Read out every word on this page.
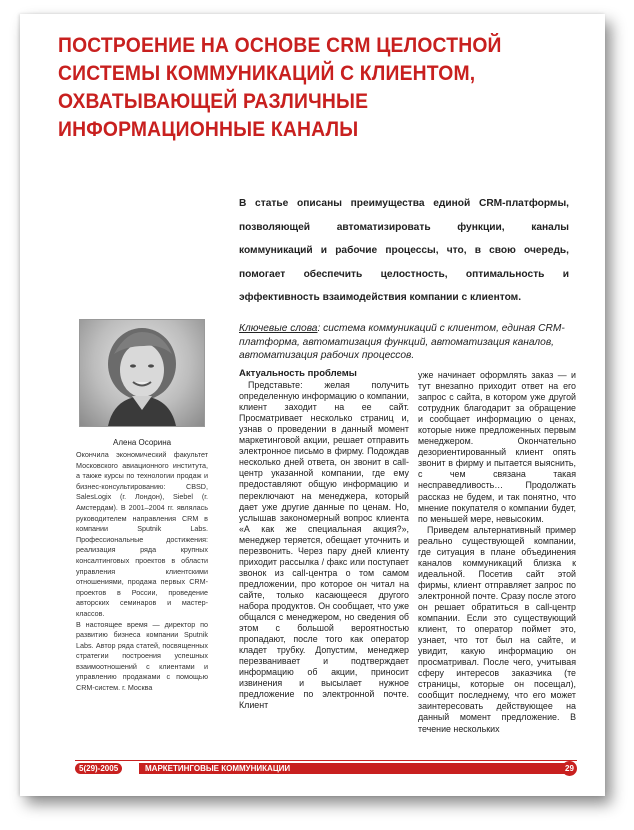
ПОСТРОЕНИЕ НА ОСНОВЕ CRM ЦЕЛОСТНОЙ
СИСТЕМЫ КОММУНИКАЦИЙ С КЛИЕНТОМ,
ОХВАТЫВАЮЩЕЙ РАЗЛИЧНЫЕ
ИНФОРМАЦИОННЫЕ КАНАЛЫ
В статье описаны преимущества единой CRM-платформы, позволяющей автоматизировать функции, каналы коммуникаций и рабочие процессы, что, в свою очередь, помогает обеспечить целостность, оптимальность и эффективность взаимодействия компании с клиентом.
Ключевые слова: система коммуникаций с клиентом, единая CRM-платформа, автоматизация функций, автоматизация каналов, автоматизация рабочих процессов.
Алена Осорина

Окончила экономический факультет Московского авиационного института, а также курсы по технологии продаж и бизнес-консультированию: CBSD, SalesLogix (г. Лондон), Siebel (г. Амстердам). В 2001–2004 гг. являлась руководителем направления CRM в компании Sputnik Labs. Профессиональные достижения: реализация ряда крупных консалтинговых проектов в области управления клиентскими отношениями, продажа первых CRM-проектов в России, проведение авторских семинаров и мастер-классов.

В настоящее время — директор по развитию бизнеса компании Sputnik Labs. Автор ряда статей, посвященных стратегии построения успешных взаимоотношений с клиентами и управлению продажами с помощью CRM-систем. г. Москва

Актуальность проблемы

Представьте: желая получить определенную информацию о компании, клиент заходит на ее сайт. Просматривает несколько страниц и, узнав о проведении в данный момент маркетинговой акции, решает отправить электронное письмо в фирму. Подождав несколько дней ответа, он звонит в call-центр указанной компании, где ему предоставляют общую информацию и переключают на менеджера, который дает уже другие данные по ценам. Но, услышав закономерный вопрос клиента «А как же специальная акция?», менеджер теряется, обещает уточнить и перезвонить. Через пару дней клиенту приходит рассылка / факс или поступает звонок из call-центра о том самом предложении, про которое он читал на сайте, только касающееся другого набора продуктов. Он сообщает, что уже общался с менеджером, но сведения об этом с большой вероятностью пропадают, после того как оператор кладет трубку. Допустим, менеджер перезванивает и подтверждает информацию об акции, приносит извинения и высылает нужное предложение по электронной почте. Клиент

уже начинает оформлять заказ — и тут внезапно приходит ответ на его запрос с сайта, в котором уже другой сотрудник благодарит за обращение и сообщает информацию о ценах, которые ниже предложенных первым менеджером. Окончательно дезориентированный клиент опять звонит в фирму и пытается выяснить, с чем связана такая несправедливость… Продолжать рассказ не будем, и так понятно, что мнение покупателя о компании будет, по меньшей мере, невысоким.

Приведем альтернативный пример реально существующей компании, где ситуация в плане объединения каналов коммуникаций близка к идеальной. Посетив сайт этой фирмы, клиент отправляет запрос по электронной почте. Сразу после этого он решает обратиться в call-центр компании. Если это существующий клиент, то оператор поймет это, узнает, что тот был на сайте, и увидит, какую информацию он просматривал. После чего, учитывая сферу интересов заказчика (те страницы, которые он посещал), сообщит последнему, что его может заинтересовать действующее на данный момент предложение. В течение нескольких

5(29)-2005	МАРКЕТИНГОВЫЕ КОММУНИКАЦИИ	29
